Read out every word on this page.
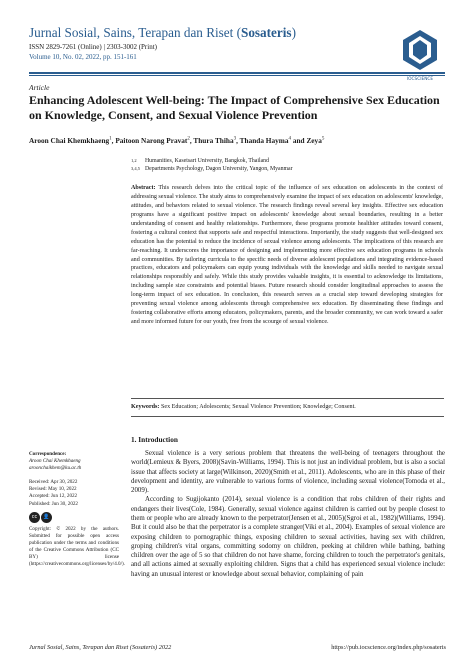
Jurnal Sosial, Sains, Terapan dan Riset (Sosateris)
ISSN 2829-7261 (Online) | 2303-3002 (Print)
Volume 10, No. 02, 2022, pp. 151-161
IOCSCIENCE
Article
Enhancing Adolescent Well-being: The Impact of Comprehensive Sex Education on Knowledge, Consent, and Sexual Violence Prevention
Aroon Chai Khemkhaeng$^1$, Paitoon Narong Pravat$^2$, Thura Thiha$^3$, Thanda Hayma$^4$ and Zeya$^5$
1,2 Humanities, Kasetsart University, Bangkok, Thailand
3,4,5 Departments Psychology, Dagon University, Yangon, Myanmar
Abstract: This research delves into the critical topic of the influence of sex education on adolescents in the context of addressing sexual violence. The study aims to comprehensively examine the impact of sex education on adolescents' knowledge, attitudes, and behaviors related to sexual violence. The research findings reveal several key insights. Effective sex education programs have a significant positive impact on adolescents' knowledge about sexual boundaries, resulting in a better understanding of consent and healthy relationships. Furthermore, these programs promote healthier attitudes toward consent, fostering a cultural context that supports safe and respectful interactions. Importantly, the study suggests that well-designed sex education has the potential to reduce the incidence of sexual violence among adolescents. The implications of this research are far-reaching. It underscores the importance of designing and implementing more effective sex education programs in schools and communities. By tailoring curricula to the specific needs of diverse adolescent populations and integrating evidence-based practices, educators and policymakers can equip young individuals with the knowledge and skills needed to navigate sexual relationships responsibly and safely. While this study provides valuable insights, it is essential to acknowledge its limitations, including sample size constraints and potential biases. Future research should consider longitudinal approaches to assess the long-term impact of sex education. In conclusion, this research serves as a crucial step toward developing strategies for preventing sexual violence among adolescents through comprehensive sex education. By disseminating these findings and fostering collaborative efforts among educators, policymakers, parents, and the broader community, we can work toward a safer and more informed future for our youth, free from the scourge of sexual violence.
Keywords: Sex Education; Adolescents; Sexual Violence Prevention; Knowledge; Consent.
1. Introduction

Sexual violence is a very serious problem that threatens the well-being of teenagers throughout the world(Lemieux & Byers, 2008)(Savin-Williams, 1994). This is not just an individual problem, but is also a social issue that affects society at large(Wilkinson, 2020)(Smith et al., 2011). Adolescents, who are in this phase of their development and identity, are vulnerable to various forms of violence, including sexual violence(Tomoda et al., 2009).

According to Sugijokanto (2014), sexual violence is a condition that robs children of their rights and endangers their lives(Cole, 1984). Generally, sexual violence against children is carried out by people closest to them or people who are already known to the perpetrator(Jensen et al., 2005)(Sgroi et al., 1982)(Williams, 1994). But it could also be that the perpetrator is a complete stranger(Viki et al., 2004). Examples of sexual violence are exposing children to pornographic things, exposing children to sexual activities, having sex with children, groping children's vital organs, committing sodomy on children, peeking at children while bathing, bathing children over the age of 5 so that children do not have shame, forcing children to touch the perpetrator's genitals, and all actions aimed at sexually exploiting children. Signs that a child has experienced sexual violence include: having an unusual interest or knowledge about sexual behavior, complaining of pain

Correspondence:
Aroon Chai Khemkhaeng
aroonchaikhem@ku.ac.th
Received: Apr 30, 2022
Revised: May 10, 2022
Accepted: Jun 12, 2022
Published: Jun 30, 2022
cc	👤
Copyright: © 2022 by the authors. Submitted for possible open access publication under the terms and conditions of the Creative Commons Attribution (CC BY) license (https://creativecommons.org/licenses/by/4.0/).
Jurnal Sosial, Sains, Terapan dan Riset (Sosateris) 2022	https://pub.iocscience.org/index.php/sosateris
